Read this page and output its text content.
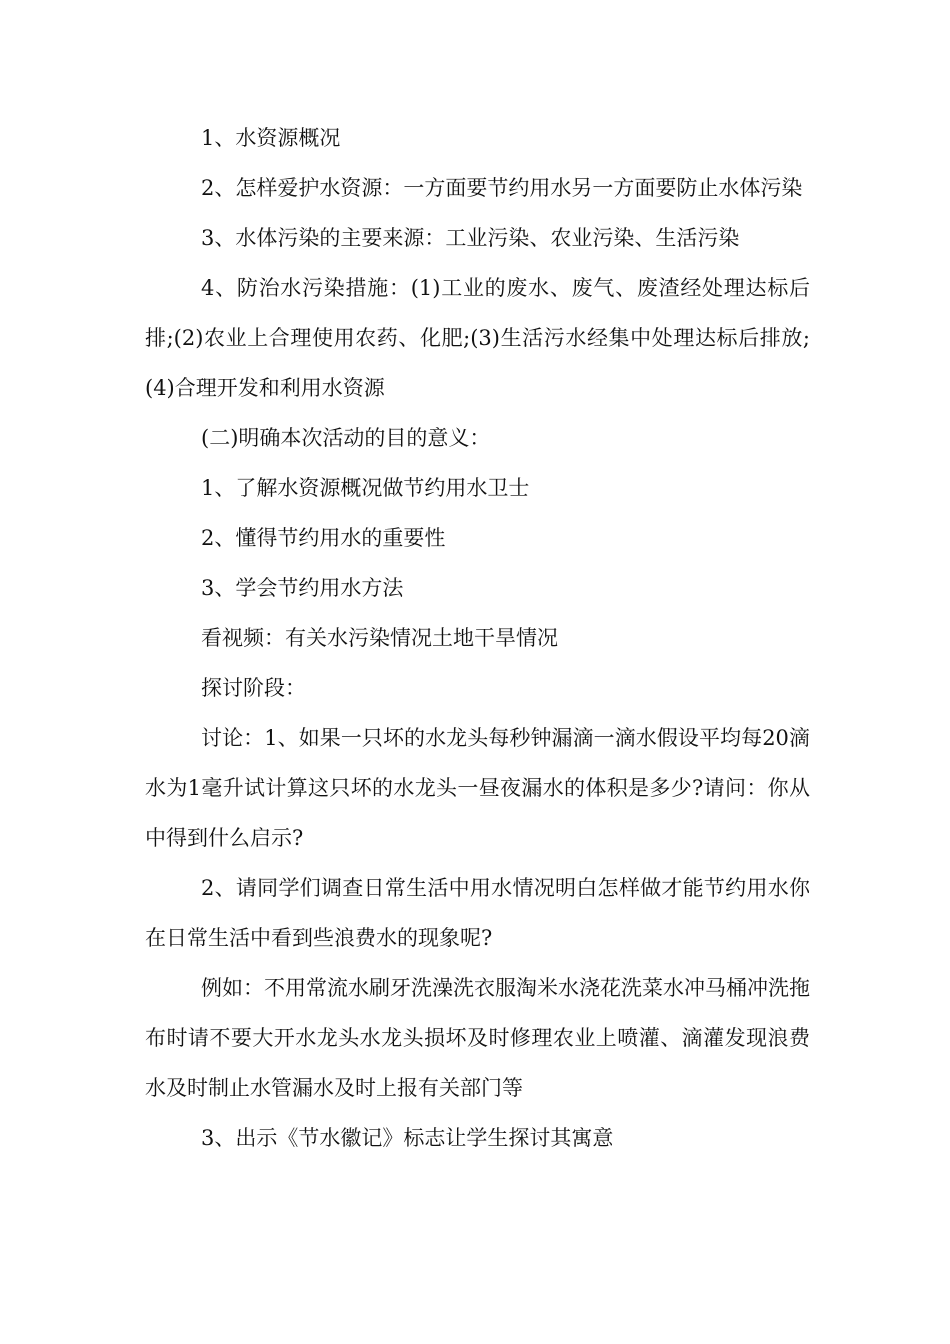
1、水资源概况

2、怎样爱护水资源：一方面要节约用水另一方面要防止水体污染

3、水体污染的主要来源：工业污染、农业污染、生活污染

4、防治水污染措施：(1)工业的废水、废气、废渣经处理达标后排;(2)农业上合理使用农药、化肥;(3)生活污水经集中处理达标后排放;(4)合理开发和利用水资源

(二)明确本次活动的目的意义：

1、了解水资源概况做节约用水卫士

2、懂得节约用水的重要性

3、学会节约用水方法

看视频：有关水污染情况土地干旱情况

探讨阶段：

讨论：1、如果一只坏的水龙头每秒钟漏滴一滴水假设平均每20滴水为1毫升试计算这只坏的水龙头一昼夜漏水的体积是多少?请问：你从中得到什么启示?

2、请同学们调查日常生活中用水情况明白怎样做才能节约用水你在日常生活中看到些浪费水的现象呢?

例如：不用常流水刷牙洗澡洗衣服淘米水浇花洗菜水冲马桶冲洗拖布时请不要大开水龙头水龙头损坏及时修理农业上喷灌、滴灌发现浪费水及时制止水管漏水及时上报有关部门等

3、出示《节水徽记》标志让学生探讨其寓意
